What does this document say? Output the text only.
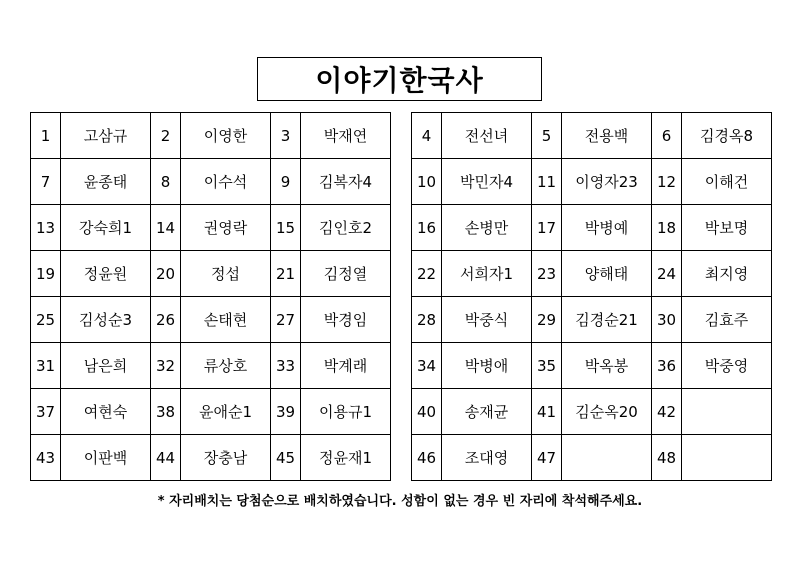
이야기한국사
1	고삼규	2	이영한	3	박재연
7	윤종태	8	이수석	9	김복자4
13	강숙희1	14	권영락	15	김인호2
19	정윤원	20	정섭	21	김정열
25	김성순3	26	손태현	27	박경임
31	남은희	32	류상호	33	박계래
37	여현숙	38	윤애순1	39	이용규1
43	이판백	44	장충남	45	정윤재1
4	전선녀	5	전용백	6	김경옥8
10	박민자4	11	이영자23	12	이해건
16	손병만	17	박병예	18	박보명
22	서희자1	23	양해태	24	최지영
28	박중식	29	김경순21	30	김효주
34	박병애	35	박옥봉	36	박중영
40	송재균	41	김순옥20	42	
46	조대영	47		48	
* 자리배치는 당첨순으로 배치하였습니다. 성함이 없는 경우 빈 자리에 착석해주세요.
